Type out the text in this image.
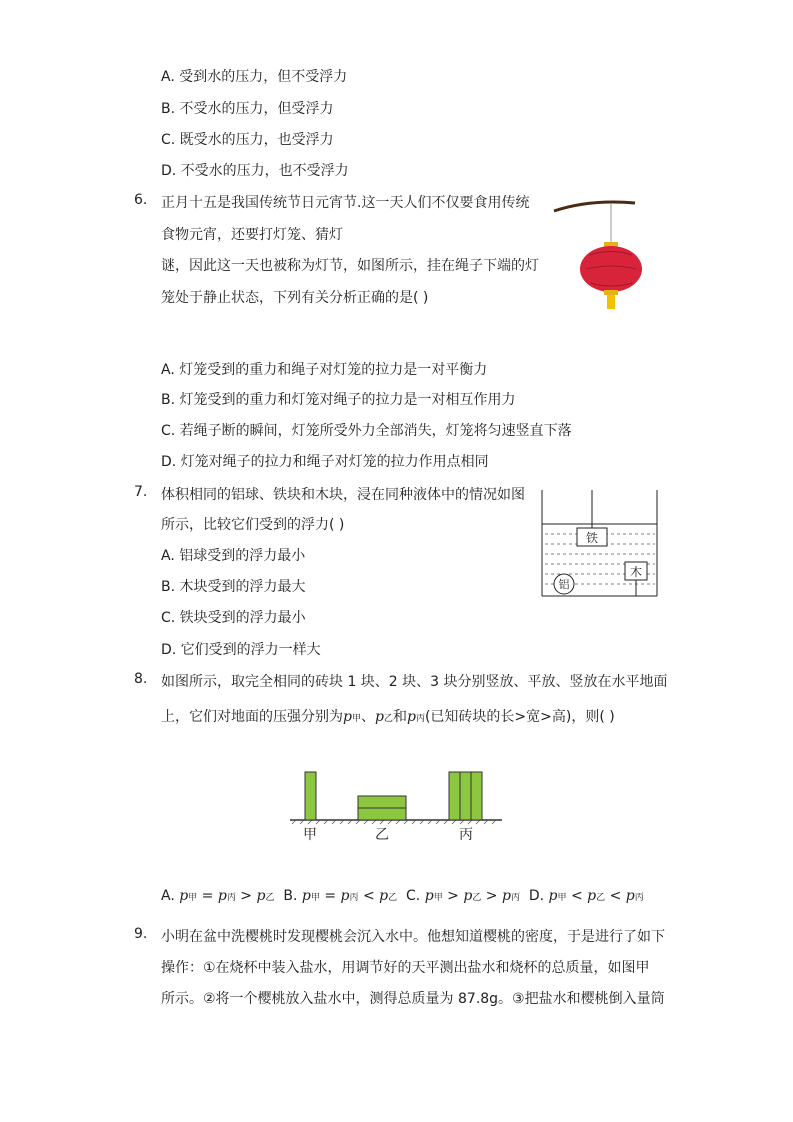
A. 受到水的压力，但不受浮力
B. 不受水的压力，但受浮力
C. 既受水的压力，也受浮力
D. 不受水的压力，也不受浮力
6. 正月十五是我国传统节日元宵节.这一天人们不仅要食用传统
食物元宵，还要打灯笼、猜灯
谜，因此这一天也被称为灯节，如图所示，挂在绳子下端的灯
笼处于静止状态，下列有关分析正确的是( )
A. 灯笼受到的重力和绳子对灯笼的拉力是一对平衡力
B. 灯笼受到的重力和灯笼对绳子的拉力是一对相互作用力
C. 若绳子断的瞬间，灯笼所受外力全部消失，灯笼将匀速竖直下落
D. 灯笼对绳子的拉力和绳子对灯笼的拉力作用点相同
7. 体积相同的铝球、铁块和木块，浸在同种液体中的情况如图
所示，比较它们受到的浮力( )
A. 铝球受到的浮力最小
B. 木块受到的浮力最大
C. 铁块受到的浮力最小
D. 它们受到的浮力一样大
铁
木
铝
8. 如图所示，取完全相同的砖块 1 块、2 块、3 块分别竖放、平放、竖放在水平地面
上，它们对地面的压强分别为p甲、p乙和p丙(已知砖块的长>宽>高)，则( )
甲	乙	丙
A. p甲 = p丙 > p乙 B. p甲 = p丙 < p乙 C. p甲 > p乙 > p丙 D. p甲 < p乙 < p丙
9. 小明在盆中洗樱桃时发现樱桃会沉入水中。他想知道樱桃的密度，于是进行了如下
操作：①在烧杯中装入盐水，用调节好的天平测出盐水和烧杯的总质量，如图甲
所示。②将一个樱桃放入盐水中，测得总质量为 87.8g。③把盐水和樱桃倒入量筒
